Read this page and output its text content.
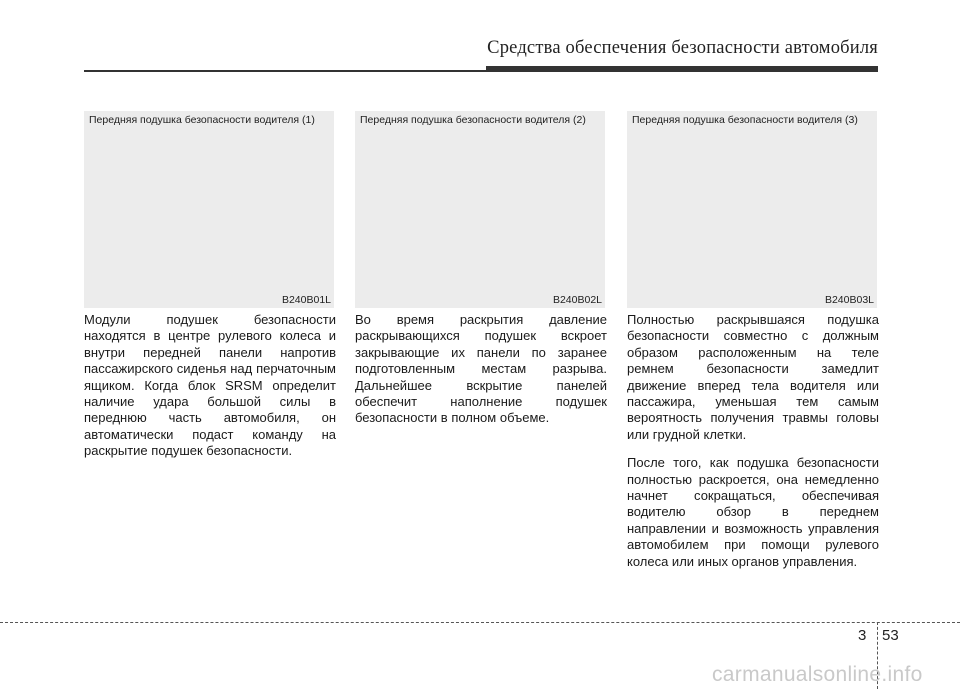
Средства обеспечения безопасности автомобиля
Передняя подушка безопасности водителя (1)
B240B01L
Передняя подушка безопасности водителя (2)
B240B02L
Передняя подушка безопасности водителя (3)
B240B03L

Модули подушек безопасности находятся в центре рулевого колеса и внутри передней панели напротив пассажирского сиденья над перчаточным ящиком. Когда блок SRSM определит наличие удара большой силы в переднюю часть автомобиля, он автоматически подаст команду на раскрытие подушек безопасности.

Во время раскрытия давление раскрывающихся подушек вскроет закрывающие их панели по заранее подготовленным местам разрыва. Дальнейшее вскрытие панелей обеспечит наполнение подушек безопасности в полном объеме.

Полностью раскрывшаяся подушка безопасности совместно с должным образом расположенным на теле ремнем безопасности замедлит движение вперед тела водителя или пассажира, уменьшая тем самым вероятность получения травмы головы или грудной клетки.

После того, как подушка безопасности полностью раскроется, она немедленно начнет сокращаться, обеспечивая водителю обзор в переднем направлении и возможность управления автомобилем при помощи рулевого колеса или иных органов управления.

3 53
carmanualsonline.info
